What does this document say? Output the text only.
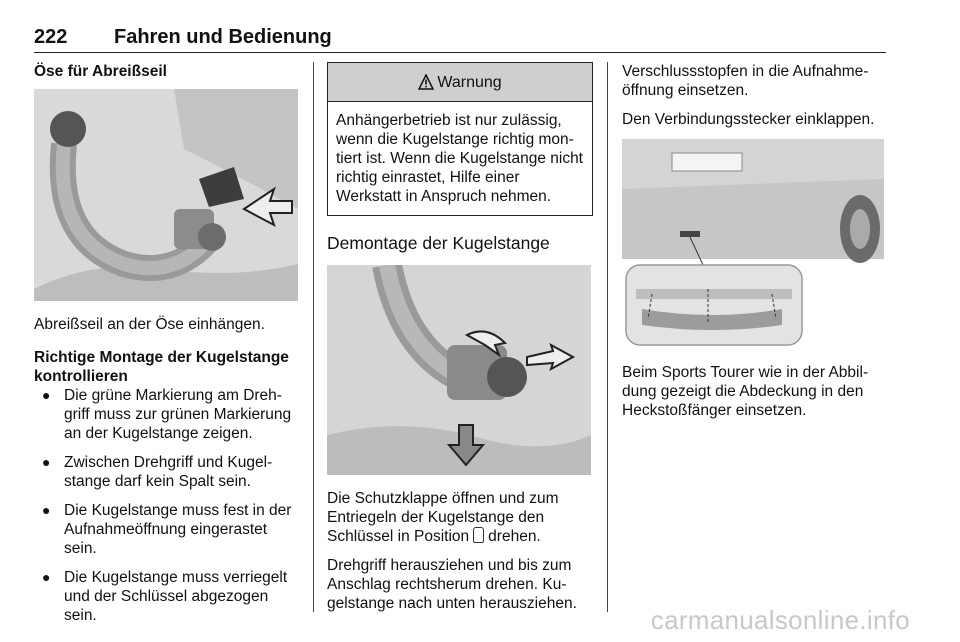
222 Fahren und Bedienung
Öse für Abreißseil

Abreißseil an der Öse einhängen.

Richtige Montage der Kugelstange kontrollieren

● Die grüne Markierung am Dreh-griff muss zur grünen Markierung an der Kugelstange zeigen.
● Zwischen Drehgriff und Kugel-stange darf kein Spalt sein.
● Die Kugelstange muss fest in der Aufnahmeöffnung eingerastet sein.
● Die Kugelstange muss verriegelt und der Schlüssel abgezogen sein.
Warnung
Anhängerbetrieb ist nur zulässig, wenn die Kugelstange richtig mon-tiert ist. Wenn die Kugelstange nicht richtig einrastet, Hilfe einer Werkstatt in Anspruch nehmen.
Demontage der Kugelstange

Die Schutzklappe öffnen und zum Entriegeln der Kugelstange den Schlüssel in Position drehen.

Drehgriff herausziehen und bis zum Anschlag rechtsherum drehen. Ku-gelstange nach unten herausziehen.

Verschlussstopfen in die Aufnahme-öffnung einsetzen.

Den Verbindungsstecker einklappen.

Beim Sports Tourer wie in der Abbil-dung gezeigt die Abdeckung in den Heckstoßfänger einsetzen.

carmanualsonline.info
